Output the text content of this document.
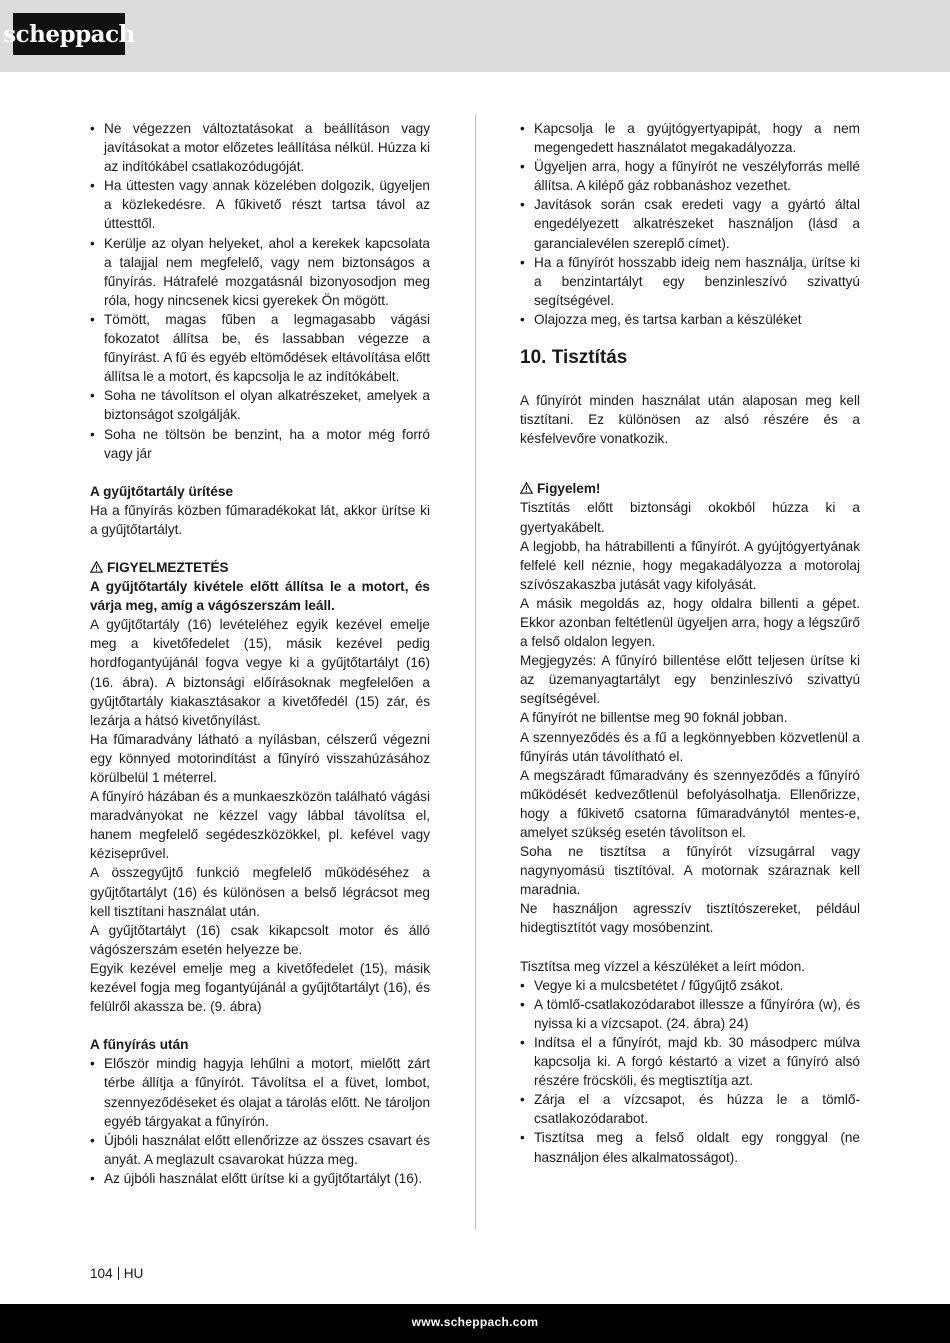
scheppach
• Ne végezzen változtatásokat a beállításon vagy javításokat a motor előzetes leállítása nélkül. Húzza ki az indítókábel csatlakozódugóját.
• Ha úttesten vagy annak közelében dolgozik, ügyeljen a közlekedésre. A fűkivető részt tartsa távol az úttesttől.
• Kerülje az olyan helyeket, ahol a kerekek kapcsolata a talajjal nem megfelelő, vagy nem biztonságos a fűnyírás. Hátrafelé mozgatásnál bizonyosodjon meg róla, hogy nincsenek kicsi gyerekek Ön mögött.
• Tömött, magas fűben a legmagasabb vágási fokozatot állítsa be, és lassabban végezze a fűnyírást. A fű és egyéb eltömődések eltávolítása előtt állítsa le a motort, és kapcsolja le az indítókábelt.
• Soha ne távolítson el olyan alkatrészeket, amelyek a biztonságot szolgálják.
• Soha ne töltsön be benzint, ha a motor még forró vagy jár

A gyűjtőtartály ürítése

Ha a fűnyírás közben fűmaradékokat lát, akkor ürítse ki a gyűjtőtartályt.

FIGYELMEZTETÉS

A gyűjtőtartály kivétele előtt állítsa le a motort, és várja meg, amíg a vágószerszám leáll.

A gyűjtőtartály (16) levételéhez egyik kezével emelje meg a kivetőfedelet (15), másik kezével pedig hordfogantyújánál fogva vegye ki a gyűjtőtartályt (16) (16. ábra). A biztonsági előírásoknak megfelelően a gyűjtőtartály kiakasztásakor a kivetőfedél (15) zár, és lezárja a hátsó kivetőnyílást.

Ha fűmaradvány látható a nyílásban, célszerű végezni egy könnyed motorindítást a fűnyíró visszahúzásához körülbelül 1 méterrel.

A fűnyíró házában és a munkaeszközön található vágási maradványokat ne kézzel vagy lábbal távolítsa el, hanem megfelelő segédeszközökkel, pl. kefével vagy kéziseprűvel.

A összegyűjtő funkció megfelelő működéséhez a gyűjtőtartályt (16) és különösen a belső légrácsot meg kell tisztítani használat után.

A gyűjtőtartályt (16) csak kikapcsolt motor és álló vágószerszám esetén helyezze be.

Egyik kezével emelje meg a kivetőfedelet (15), másik kezével fogja meg fogantyújánál a gyűjtőtartályt (16), és felülről akassza be. (9. ábra)

A fűnyírás után

• Először mindig hagyja lehűlni a motort, mielőtt zárt térbe állítja a fűnyírót. Távolítsa el a füvet, lombot, szennyeződéseket és olajat a tárolás előtt. Ne tároljon egyéb tárgyakat a fűnyírón.
• Újbóli használat előtt ellenőrizze az összes csavart és anyát. A meglazult csavarokat húzza meg.
• Az újbóli használat előtt ürítse ki a gyűjtőtartályt (16).
• Kapcsolja le a gyújtógyertyapipát, hogy a nem megengedett használatot megakadályozza.
• Ügyeljen arra, hogy a fűnyírót ne veszélyforrás mellé állítsa. A kilépő gáz robbanáshoz vezethet.
• Javítások során csak eredeti vagy a gyártó által engedélyezett alkatrészeket használjon (lásd a garancialevélen szereplő címet).
• Ha a fűnyírót hosszabb ideig nem használja, ürítse ki a benzintartályt egy benzinleszívó szivattyú segítségével.
• Olajozza meg, és tartsa karban a készüléket
10. Tisztítás

A fűnyírót minden használat után alaposan meg kell tisztítani. Ez különösen az alsó részére és a késfelvevőre vonatkozik.

Figyelem!

Tisztítás előtt biztonsági okokból húzza ki a gyertyakábelt.

A legjobb, ha hátrabillenti a fűnyírót. A gyújtógyertyának felfelé kell néznie, hogy megakadályozza a motorolaj szívószakaszba jutását vagy kifolyását.

A másik megoldás az, hogy oldalra billenti a gépet. Ekkor azonban feltétlenül ügyeljen arra, hogy a légszűrő a felső oldalon legyen.

Megjegyzés: A fűnyíró billentése előtt teljesen ürítse ki az üzemanyagtartályt egy benzinleszívó szivattyú segítségével.

A fűnyírót ne billentse meg 90 foknál jobban.

A szennyeződés és a fű a legkönnyebben közvetlenül a fűnyírás után távolítható el.

A megszáradt fűmaradvány és szennyeződés a fűnyíró működését kedvezőtlenül befolyásolhatja. Ellenőrizze, hogy a fűkivető csatorna fűmaradványtól mentes-e, amelyet szükség esetén távolítson el.

Soha ne tisztítsa a fűnyírót vízsugárral vagy nagynyomású tisztítóval. A motornak száraznak kell maradnia.

Ne használjon agresszív tisztítószereket, például hidegtisztítót vagy mosóbenzint.

Tisztítsa meg vízzel a készüléket a leírt módon.

• Vegye ki a mulcsbetétet / fűgyűjtő zsákot.
• A tömlő-csatlakozódarabot illessze a fűnyíróra (w), és nyissa ki a vízcsapot. (24. ábra) 24)
• Indítsa el a fűnyírót, majd kb. 30 másodperc múlva kapcsolja ki. A forgó késtartó a vizet a fűnyíró alsó részére fröcsköli, és megtisztítja azt.
• Zárja el a vízcsapot, és húzza le a tömlő-csatlakozódarabot.
• Tisztítsa meg a felső oldalt egy ronggyal (ne használjon éles alkalmatosságot).
104 HU
www.scheppach.com
